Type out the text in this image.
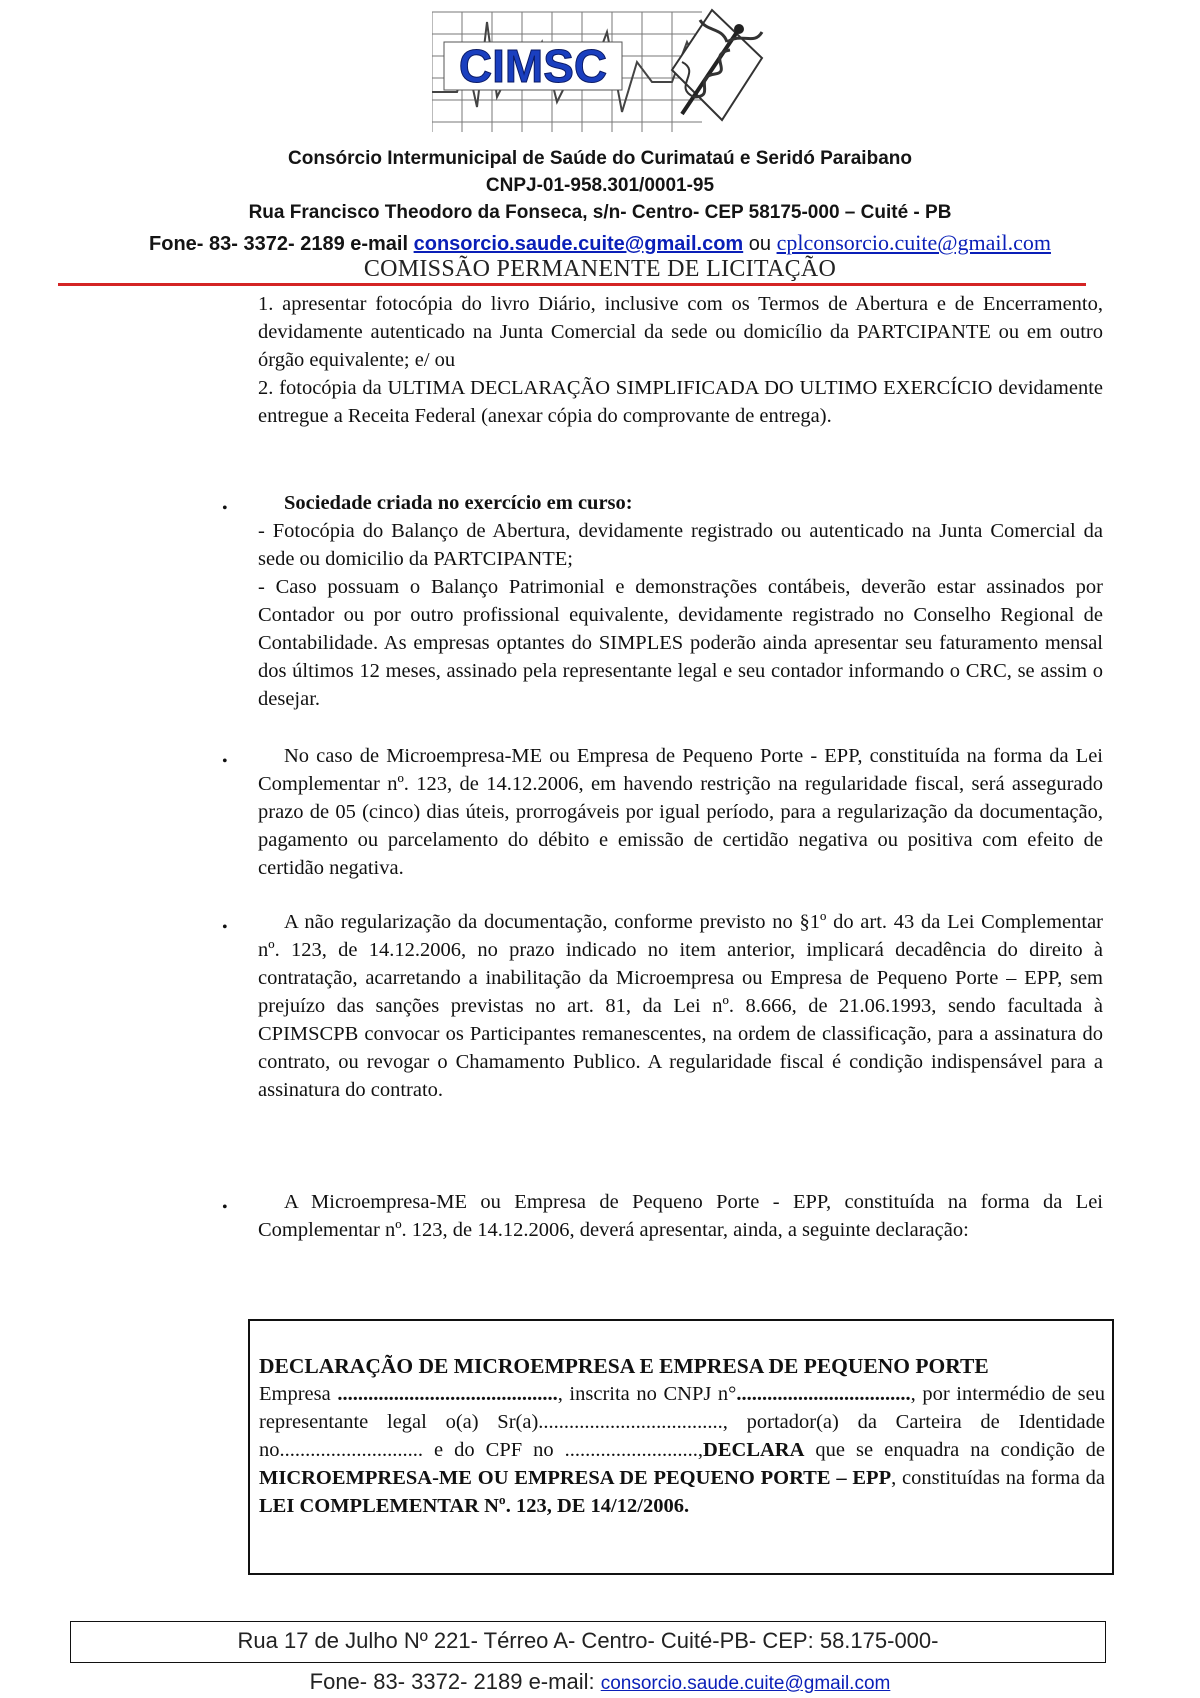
CIMSC
Consórcio Intermunicipal de Saúde do Curimataú e Seridó Paraibano
CNPJ-01-958.301/0001-95
Rua Francisco Theodoro da Fonseca, s/n- Centro- CEP 58175-000 – Cuité - PB
Fone- 83- 3372- 2189 e-mail consorcio.saude.cuite@gmail.com ou cplconsorcio.cuite@gmail.com
COMISSÃO PERMANENTE DE LICITAÇÃO

1. apresentar fotocópia do livro Diário, inclusive com os Termos de Abertura e de Encerramento, devidamente autenticado na Junta Comercial da sede ou domicílio da PARTCIPANTE ou em outro órgão equivalente; e/ ou

2. fotocópia da ULTIMA DECLARAÇÃO SIMPLIFICADA DO ULTIMO EXERCÍCIO devidamente entregue a Receita Federal (anexar cópia do comprovante de entrega).

•	Sociedade criada no exercício em curso:

- Fotocópia do Balanço de Abertura, devidamente registrado ou autenticado na Junta Comercial da sede ou domicilio da PARTCIPANTE;

- Caso possuam o Balanço Patrimonial e demonstrações contábeis, deverão estar assinados por Contador ou por outro profissional equivalente, devidamente registrado no Conselho Regional de Contabilidade. As empresas optantes do SIMPLES poderão ainda apresentar seu faturamento mensal dos últimos 12 meses, assinado pela representante legal e seu contador informando o CRC, se assim o desejar.

•	No caso de Microempresa-ME ou Empresa de Pequeno Porte - EPP, constituída na forma da Lei Complementar nº. 123, de 14.12.2006, em havendo restrição na regularidade fiscal, será assegurado prazo de 05 (cinco) dias úteis, prorrogáveis por igual período, para a regularização da documentação, pagamento ou parcelamento do débito e emissão de certidão negativa ou positiva com efeito de certidão negativa.

•	A não regularização da documentação, conforme previsto no §1º do art. 43 da Lei Complementar nº. 123, de 14.12.2006, no prazo indicado no item anterior, implicará decadência do direito à contratação, acarretando a inabilitação da Microempresa ou Empresa de Pequeno Porte – EPP, sem prejuízo das sanções previstas no art. 81, da Lei nº. 8.666, de 21.06.1993, sendo facultada à CPIMSCPB convocar os Participantes remanescentes, na ordem de classificação, para a assinatura do contrato, ou revogar o Chamamento Publico. A regularidade fiscal é condição indispensável para a assinatura do contrato.

•	A Microempresa-ME ou Empresa de Pequeno Porte - EPP, constituída na forma da Lei Complementar nº. 123, de 14.12.2006, deverá apresentar, ainda, a seguinte declaração:

DECLARAÇÃO DE MICROEMPRESA E EMPRESA DE PEQUENO PORTE
Empresa ..........................................., inscrita no CNPJ n°.................................., por intermédio de seu representante legal o(a) Sr(a)...................................., portador(a) da Carteira de Identidade no............................ e do CPF no ..........................,DECLARA que se enquadra na condição de MICROEMPRESA-ME OU EMPRESA DE PEQUENO PORTE – EPP, constituídas na forma da LEI COMPLEMENTAR Nº. 123, DE 14/12/2006.
Rua 17 de Julho Nº 221- Térreo A- Centro- Cuité-PB- CEP: 58.175-000-
Fone- 83- 3372- 2189 e-mail: consorcio.saude.cuite@gmail.com
